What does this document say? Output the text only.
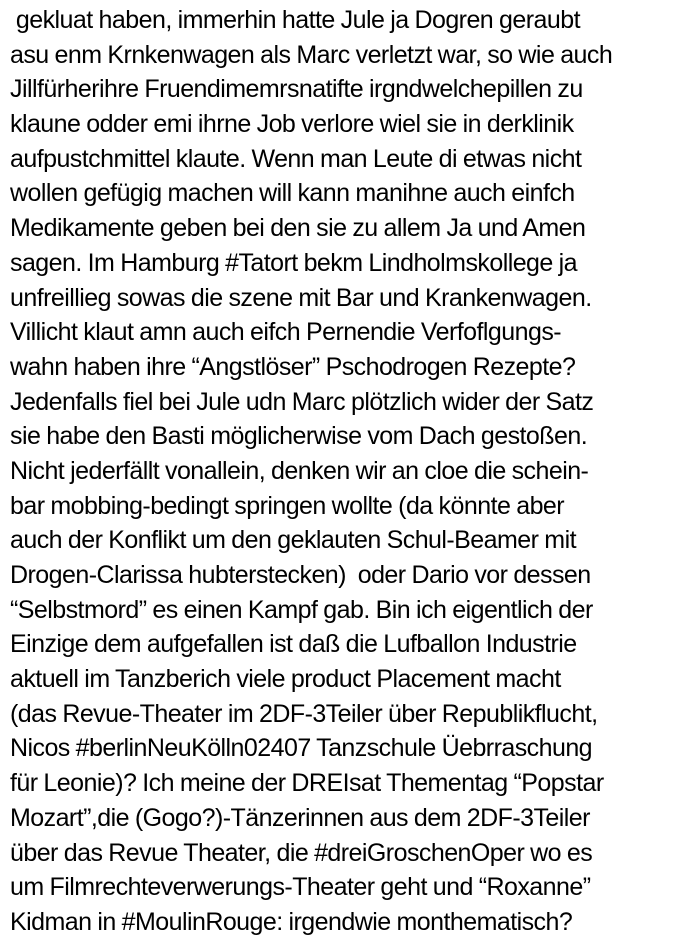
gekluat haben, immerhin hatte Jule ja Dogren geraubt
asu enm Krnkenwagen als Marc verletzt war, so wie auch
Jillfürherihre Fruendimemrsnatifte irgndwelchepillen zu
klaune odder emi ihrne Job verlore wiel sie in derklinik
aufpustchmittel klaute. Wenn man Leute di etwas nicht
wollen gefügig machen will kann manihne auch einfch
Medikamente geben bei den sie zu allem Ja und Amen
sagen. Im Hamburg #Tatort bekm Lindholmskollege ja
unfreillieg sowas die szene mit Bar und Krankenwagen.
Villicht klaut amn auch eifch Pernendie Verfoflgungs-
wahn haben ihre “Angstlöser” Pschodrogen Rezepte?
Jedenfalls fiel bei Jule udn Marc plötzlich wider der Satz
sie habe den Basti möglicherwise vom Dach gestoßen.
Nicht jederfällt vonallein, denken wir an cloe die schein-
bar mobbing-bedingt springen wollte (da könnte aber
auch der Konflikt um den geklauten Schul-Beamer mit
Drogen-Clarissa hubterstecken)  oder Dario vor dessen
“Selbstmord” es einen Kampf gab. Bin ich eigentlich der
Einzige dem aufgefallen ist daß die Lufballon Industrie
aktuell im Tanzberich viele product Placement macht
(das Revue-Theater im 2DF-3Teiler über Republikflucht,
Nicos #berlinNeuKölln02407 Tanzschule Üebrraschung
für Leonie)? Ich meine der DREIsat Thementag “Popstar
Mozart”,die (Gogo?)-Tänzerinnen aus dem 2DF-3Teiler
über das Revue Theater, die #dreiGroschenOper wo es
um Filmrechteverwerungs-Theater geht und “Roxanne”
Kidman in #MoulinRouge: irgendwie monthematisch?
